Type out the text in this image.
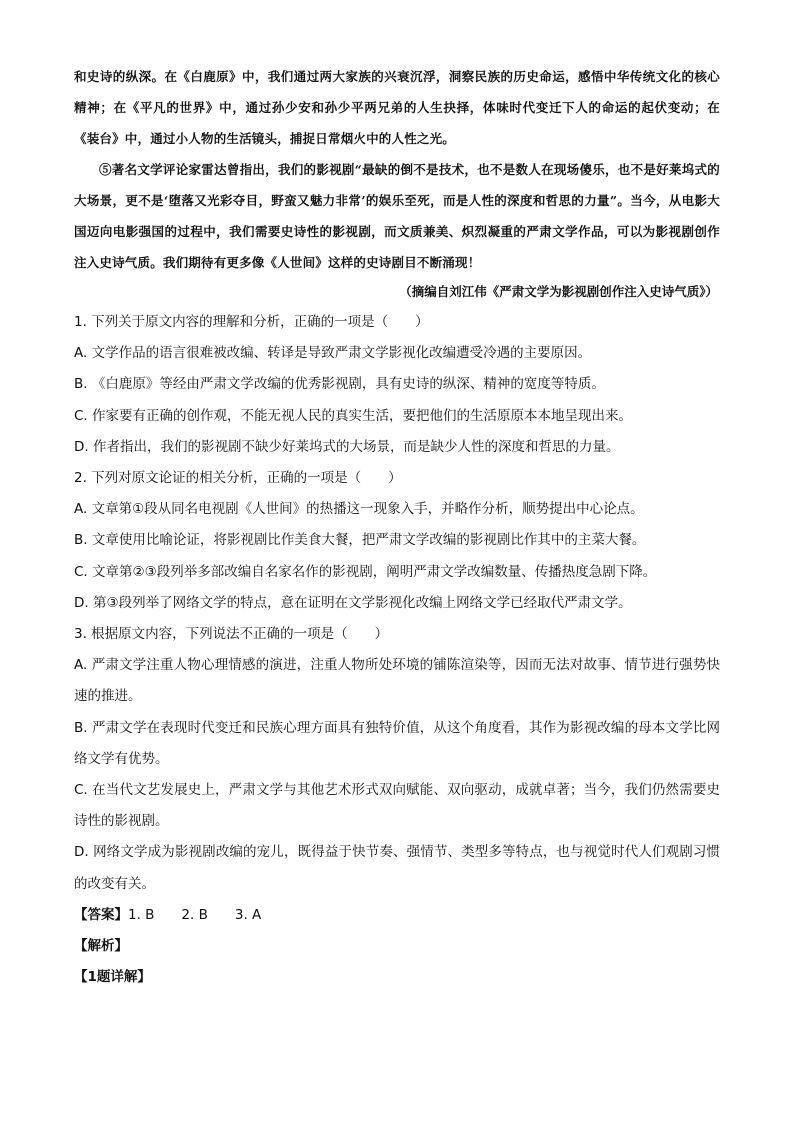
和史诗的纵深。在《白鹿原》中，我们通过两大家族的兴衰沉浮，洞察民族的历史命运，感悟中华传统文化的核心精神；在《平凡的世界》中，通过孙少安和孙少平两兄弟的人生抉择，体味时代变迁下人的命运的起伏变动；在《装台》中，通过小人物的生活镜头，捕捉日常烟火中的人性之光。

⑤著名文学评论家雷达曾指出，我们的影视剧“最缺的倒不是技术，也不是数人在现场傻乐，也不是好莱坞式的大场景，更不是‘堕落又光彩夺目，野蛮又魅力非常’的娱乐至死，而是人性的深度和哲思的力量”。当今，从电影大国迈向电影强国的过程中，我们需要史诗性的影视剧，而文质兼美、炽烈凝重的严肃文学作品，可以为影视剧创作注入史诗气质。我们期待有更多像《人世间》这样的史诗剧目不断涌现！

（摘编自刘江伟《严肃文学为影视剧创作注入史诗气质》）

1. 下列关于原文内容的理解和分析，正确的一项是（　　）

A. 文学作品的语言很难被改编、转译是导致严肃文学影视化改编遭受冷遇的主要原因。

B. 《白鹿原》等经由严肃文学改编的优秀影视剧，具有史诗的纵深、精神的宽度等特质。

C. 作家要有正确的创作观，不能无视人民的真实生活，要把他们的生活原原本本地呈现出来。

D. 作者指出，我们的影视剧不缺少好莱坞式的大场景，而是缺少人性的深度和哲思的力量。

2. 下列对原文论证的相关分析，正确的一项是（　　）

A. 文章第①段从同名电视剧《人世间》的热播这一现象入手，并略作分析，顺势提出中心论点。

B. 文章使用比喻论证，将影视剧比作美食大餐，把严肃文学改编的影视剧比作其中的主菜大餐。

C. 文章第②③段列举多部改编自名家名作的影视剧，阐明严肃文学改编数量、传播热度急剧下降。

D. 第③段列举了网络文学的特点，意在证明在文学影视化改编上网络文学已经取代严肃文学。

3. 根据原文内容，下列说法不正确的一项是（　　）

A. 严肃文学注重人物心理情感的演进，注重人物所处环境的铺陈渲染等，因而无法对故事、情节进行强势快速的推进。

B. 严肃文学在表现时代变迁和民族心理方面具有独特价值，从这个角度看，其作为影视改编的母本文学比网络文学有优势。

C. 在当代文艺发展史上，严肃文学与其他艺术形式双向赋能、双向驱动，成就卓著；当今，我们仍然需要史诗性的影视剧。

D. 网络文学成为影视剧改编的宠儿，既得益于快节奏、强情节、类型多等特点，也与视觉时代人们观剧习惯的改变有关。

【答案】1. B　　2. B　　3. A

【解析】

【1题详解】
